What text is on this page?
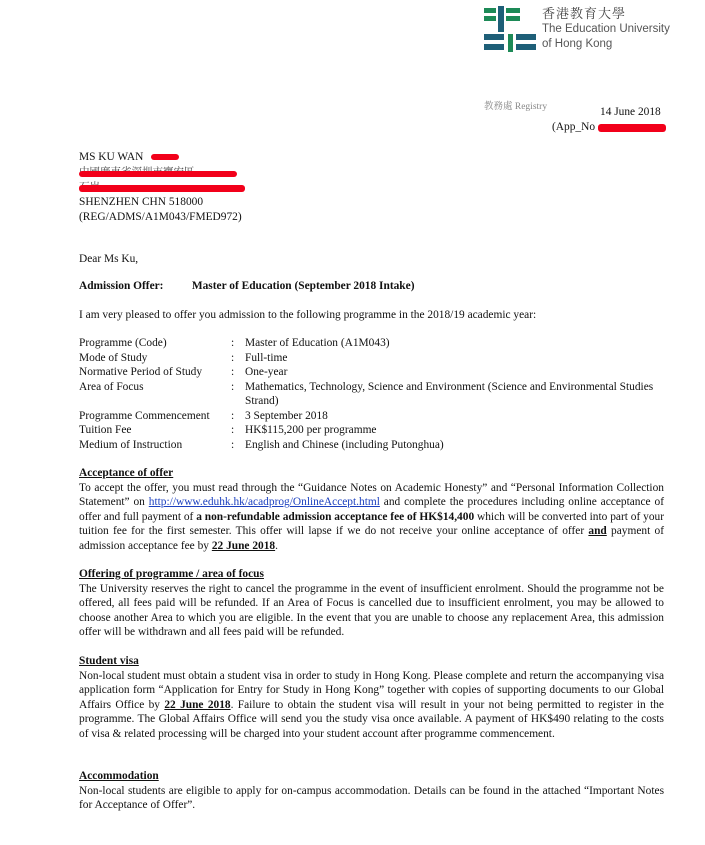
香港教育大學
The Education University
of Hong Kong
教務處 Registry	14 June 2018
(App_No
MS KU WAN
SHENZHEN CHN 518000
(REG/ADMS/A1M043/FMED972)
Dear Ms Ku,
Admission Offer: Master of Education (September 2018 Intake)
I am very pleased to offer you admission to the following programme in the 2018/19 academic year:
Programme (Code)	:	Master of Education (A1M043)
Mode of Study	:	Full-time
Normative Period of Study	:	One-year
Area of Focus	:	Mathematics, Technology, Science and Environment (Science and Environmental Studies Strand)
Programme Commencement	:	3 September 2018
Tuition Fee	:	HK$115,200 per programme
Medium of Instruction	:	English and Chinese (including Putonghua)
Acceptance of offer

To accept the offer, you must read through the “Guidance Notes on Academic Honesty” and “Personal Information Collection Statement” on http://www.eduhk.hk/acadprog/OnlineAccept.html and complete the procedures including online acceptance of offer and full payment of a non-refundable admission acceptance fee of HK$14,400 which will be converted into part of your tuition fee for the first semester. This offer will lapse if we do not receive your online acceptance of offer and payment of admission acceptance fee by 22 June 2018.

Offering of programme / area of focus

The University reserves the right to cancel the programme in the event of insufficient enrolment. Should the programme not be offered, all fees paid will be refunded. If an Area of Focus is cancelled due to insufficient enrolment, you may be allowed to choose another Area to which you are eligible. In the event that you are unable to choose any replacement Area, this admission offer will be withdrawn and all fees paid will be refunded.

Student visa

Non-local student must obtain a student visa in order to study in Hong Kong. Please complete and return the accompanying visa application form “Application for Entry for Study in Hong Kong” together with copies of supporting documents to our Global Affairs Office by 22 June 2018. Failure to obtain the student visa will result in your not being permitted to register in the programme. The Global Affairs Office will send you the study visa once available. A payment of HK$490 relating to the costs of visa & related processing will be charged into your student account after programme commencement.

Accommodation

Non-local students are eligible to apply for on-campus accommodation. Details can be found in the attached “Important Notes for Acceptance of Offer”.
